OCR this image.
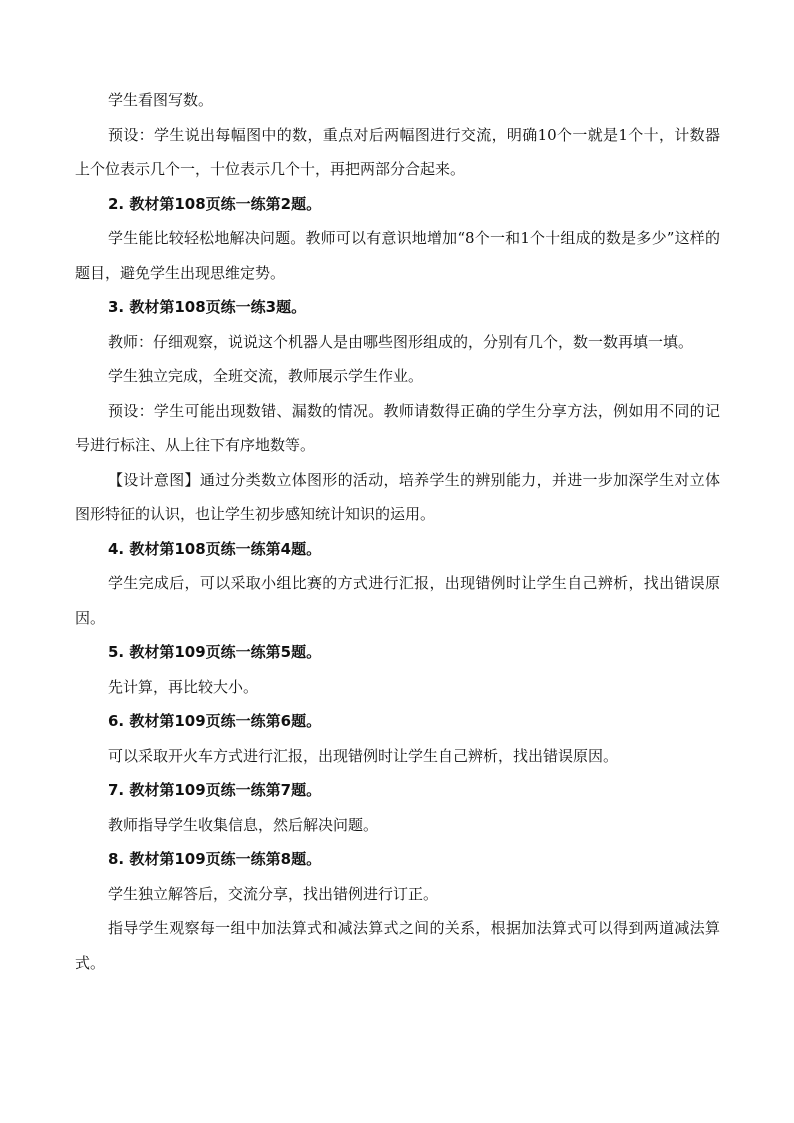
学生看图写数。

预设：学生说出每幅图中的数，重点对后两幅图进行交流，明确10个一就是1个十，计数器上个位表示几个一，十位表示几个十，再把两部分合起来。

2. 教材第108页练一练第2题。

学生能比较轻松地解决问题。教师可以有意识地增加“8个一和1个十组成的数是多少”这样的题目，避免学生出现思维定势。

3. 教材第108页练一练3题。

教师：仔细观察，说说这个机器人是由哪些图形组成的，分别有几个，数一数再填一填。

学生独立完成，全班交流，教师展示学生作业。

预设：学生可能出现数错、漏数的情况。教师请数得正确的学生分享方法，例如用不同的记号进行标注、从上往下有序地数等。

【设计意图】通过分类数立体图形的活动，培养学生的辨别能力，并进一步加深学生对立体图形特征的认识，也让学生初步感知统计知识的运用。

4. 教材第108页练一练第4题。

学生完成后，可以采取小组比赛的方式进行汇报，出现错例时让学生自己辨析，找出错误原因。

5. 教材第109页练一练第5题。

先计算，再比较大小。

6. 教材第109页练一练第6题。

可以采取开火车方式进行汇报，出现错例时让学生自己辨析，找出错误原因。

7. 教材第109页练一练第7题。

教师指导学生收集信息，然后解决问题。

8. 教材第109页练一练第8题。

学生独立解答后，交流分享，找出错例进行订正。

指导学生观察每一组中加法算式和减法算式之间的关系，根据加法算式可以得到两道减法算式。
